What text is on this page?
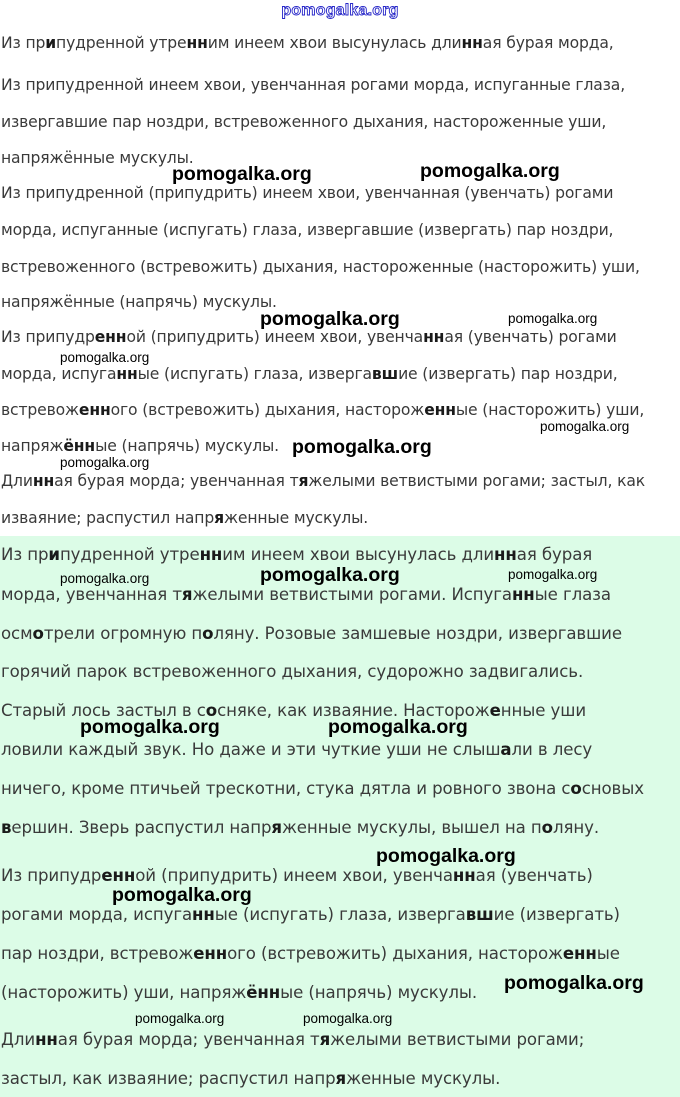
pomogalka.org
Из припудренной утренним инеем хвои высунулась длинная бурая морда,
Из припудренной инеем хвои, увенчанная рогами морда, испуганные глаза,
извергавшие пар ноздри, встревоженного дыхания, настороженные уши,
напряжённые мускулы.
Из припудренной (припудрить) инеем хвои, увенчанная (увенчать) рогами
морда, испуганные (испугать) глаза, извергавшие (извергать) пар ноздри,
встревоженного (встревожить) дыхания, настороженные (насторожить) уши,
напряжённые (напрячь) мускулы.
Из припудренной (припудрить) инеем хвои, увенчанная (увенчать) рогами
морда, испуганные (испугать) глаза, извергавшие (извергать) пар ноздри,
встревоженного (встревожить) дыхания, настороженные (насторожить) уши,
напряжённые (напрячь) мускулы.
Длинная бурая морда; увенчанная тяжелыми ветвистыми рогами; застыл, как
изваяние; распустил напряженные мускулы.
Из припудренной утренним инеем хвои высунулась длинная бурая
морда, увенчанная тяжелыми ветвистыми рогами. Испуганные глаза
осмотрели огромную поляну. Розовые замшевые ноздри, извергавшие
горячий парок встревоженного дыхания, судорожно задвигались.
Старый лось застыл в сосняке, как изваяние. Настороженные уши
ловили каждый звук. Но даже и эти чуткие уши не слышали в лесу
ничего, кроме птичьей трескотни, стука дятла и ровного звона сосновых
вершин. Зверь распустил напряженные мускулы, вышел на поляну.
Из припудренной (припудрить) инеем хвои, увенчанная (увенчать)
рогами морда, испуганные (испугать) глаза, извергавшие (извергать)
пар ноздри, встревоженного (встревожить) дыхания, настороженные
(насторожить) уши, напряжённые (напрячь) мускулы.
Длинная бурая морда; увенчанная тяжелыми ветвистыми рогами;
застыл, как изваяние; распустил напряженные мускулы.
pomogalka.org	pomogalka.org
pomogalka.org	pomogalka.org
pomogalka.org
pomogalka.org
pomogalka.org
pomogalka.org
pomogalka.org	pomogalka.org	pomogalka.org
pomogalka.org	pomogalka.org
pomogalka.org
pomogalka.org
pomogalka.org
pomogalka.org	pomogalka.org
